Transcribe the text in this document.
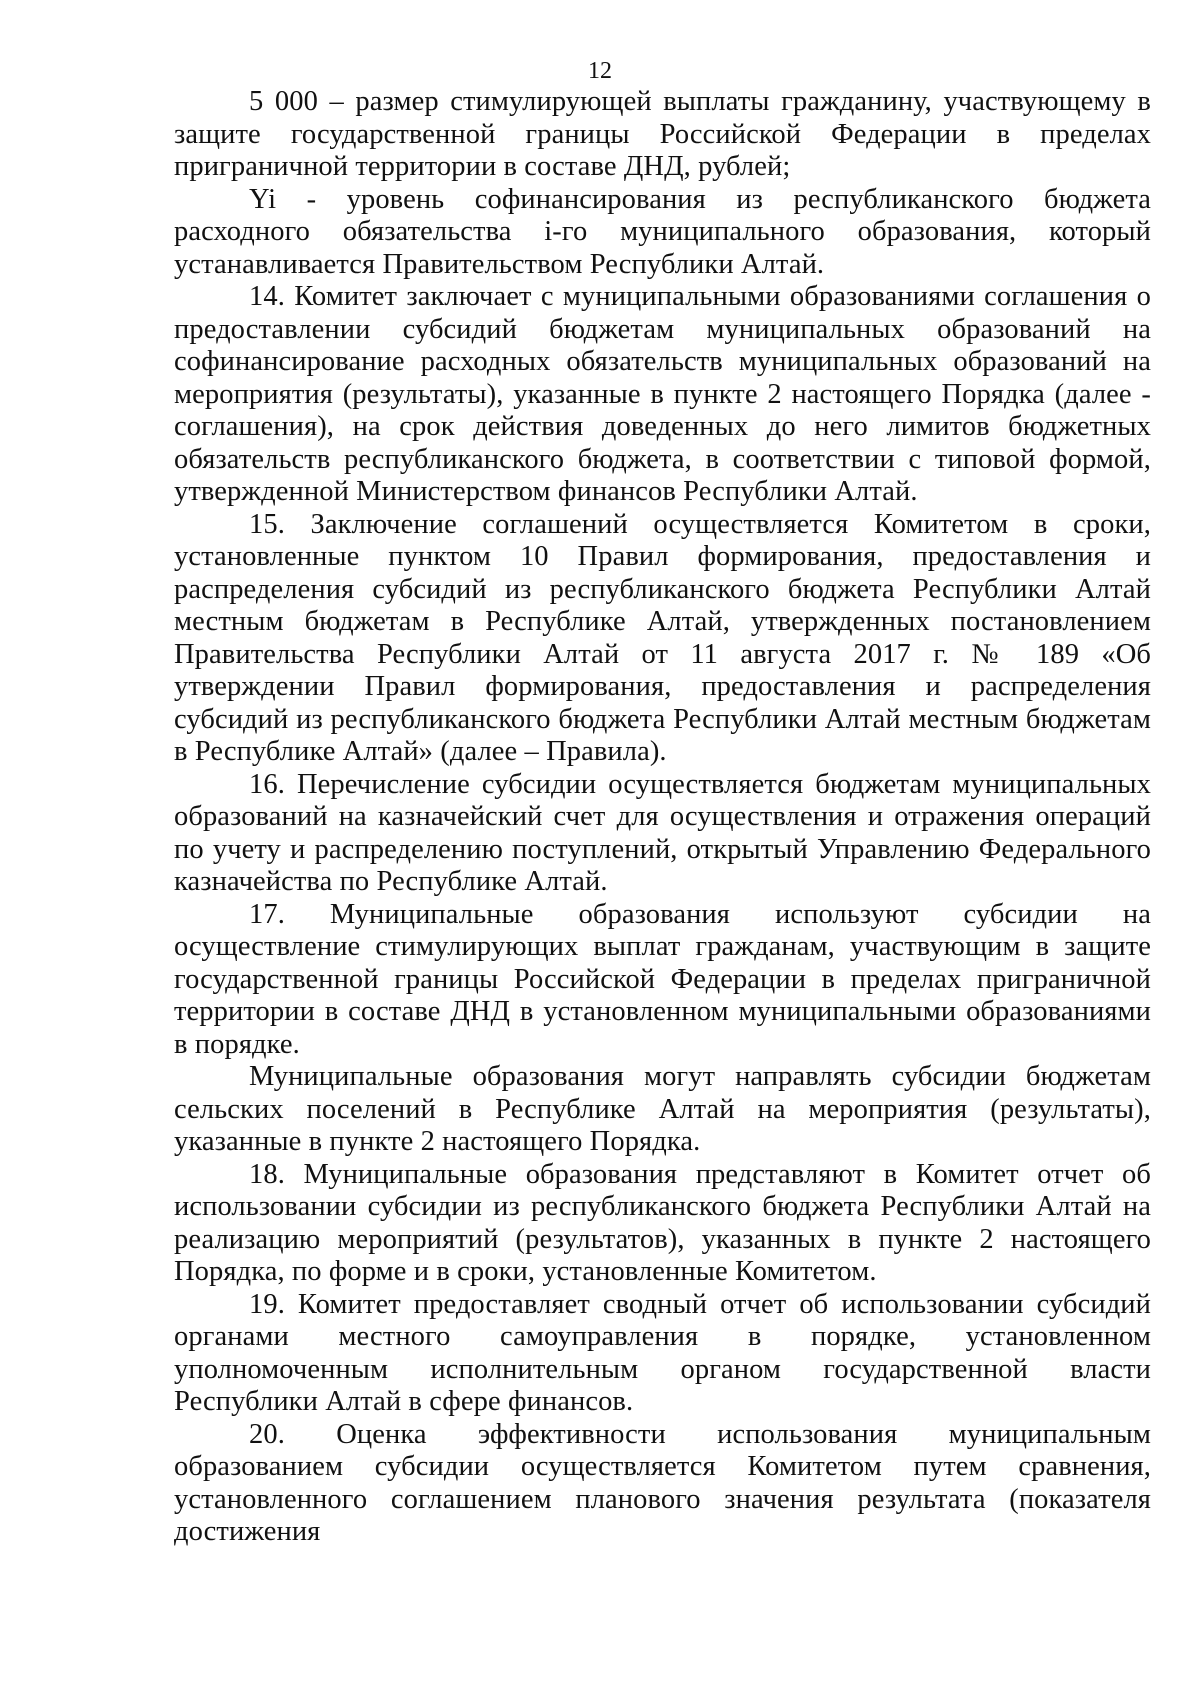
12

5 000 – размер стимулирующей выплаты гражданину, участвующему в защите государственной границы Российской Федерации в пределах приграничной территории в составе ДНД, рублей;

Yi - уровень софинансирования из республиканского бюджета расходного обязательства i-го муниципального образования, который устанавливается Правительством Республики Алтай.

14. Комитет заключает с муниципальными образованиями соглашения о предоставлении субсидий бюджетам муниципальных образований на софинансирование расходных обязательств муниципальных образований на мероприятия (результаты), указанные в пункте 2 настоящего Порядка (далее - соглашения), на срок действия доведенных до него лимитов бюджетных обязательств республиканского бюджета, в соответствии с типовой формой, утвержденной Министерством финансов Республики Алтай.

15. Заключение соглашений осуществляется Комитетом в сроки, установленные пунктом 10 Правил формирования, предоставления и распределения субсидий из республиканского бюджета Республики Алтай местным бюджетам в Республике Алтай, утвержденных постановлением Правительства Республики Алтай от 11 августа 2017 г. № 189 «Об утверждении Правил формирования, предоставления и распределения субсидий из республиканского бюджета Республики Алтай местным бюджетам в Республике Алтай» (далее – Правила).

16. Перечисление субсидии осуществляется бюджетам муниципальных образований на казначейский счет для осуществления и отражения операций по учету и распределению поступлений, открытый Управлению Федерального казначейства по Республике Алтай.

17. Муниципальные образования используют субсидии на осуществление стимулирующих выплат гражданам, участвующим в защите государственной границы Российской Федерации в пределах приграничной территории в составе ДНД в установленном муниципальными образованиями в порядке.

Муниципальные образования могут направлять субсидии бюджетам сельских поселений в Республике Алтай на мероприятия (результаты), указанные в пункте 2 настоящего Порядка.

18. Муниципальные образования представляют в Комитет отчет об использовании субсидии из республиканского бюджета Республики Алтай на реализацию мероприятий (результатов), указанных в пункте 2 настоящего Порядка, по форме и в сроки, установленные Комитетом.

19. Комитет предоставляет сводный отчет об использовании субсидий органами местного самоуправления в порядке, установленном уполномоченным исполнительным органом государственной власти Республики Алтай в сфере финансов.

20. Оценка эффективности использования муниципальным образованием субсидии осуществляется Комитетом путем сравнения, установленного соглашением планового значения результата (показателя достижения
